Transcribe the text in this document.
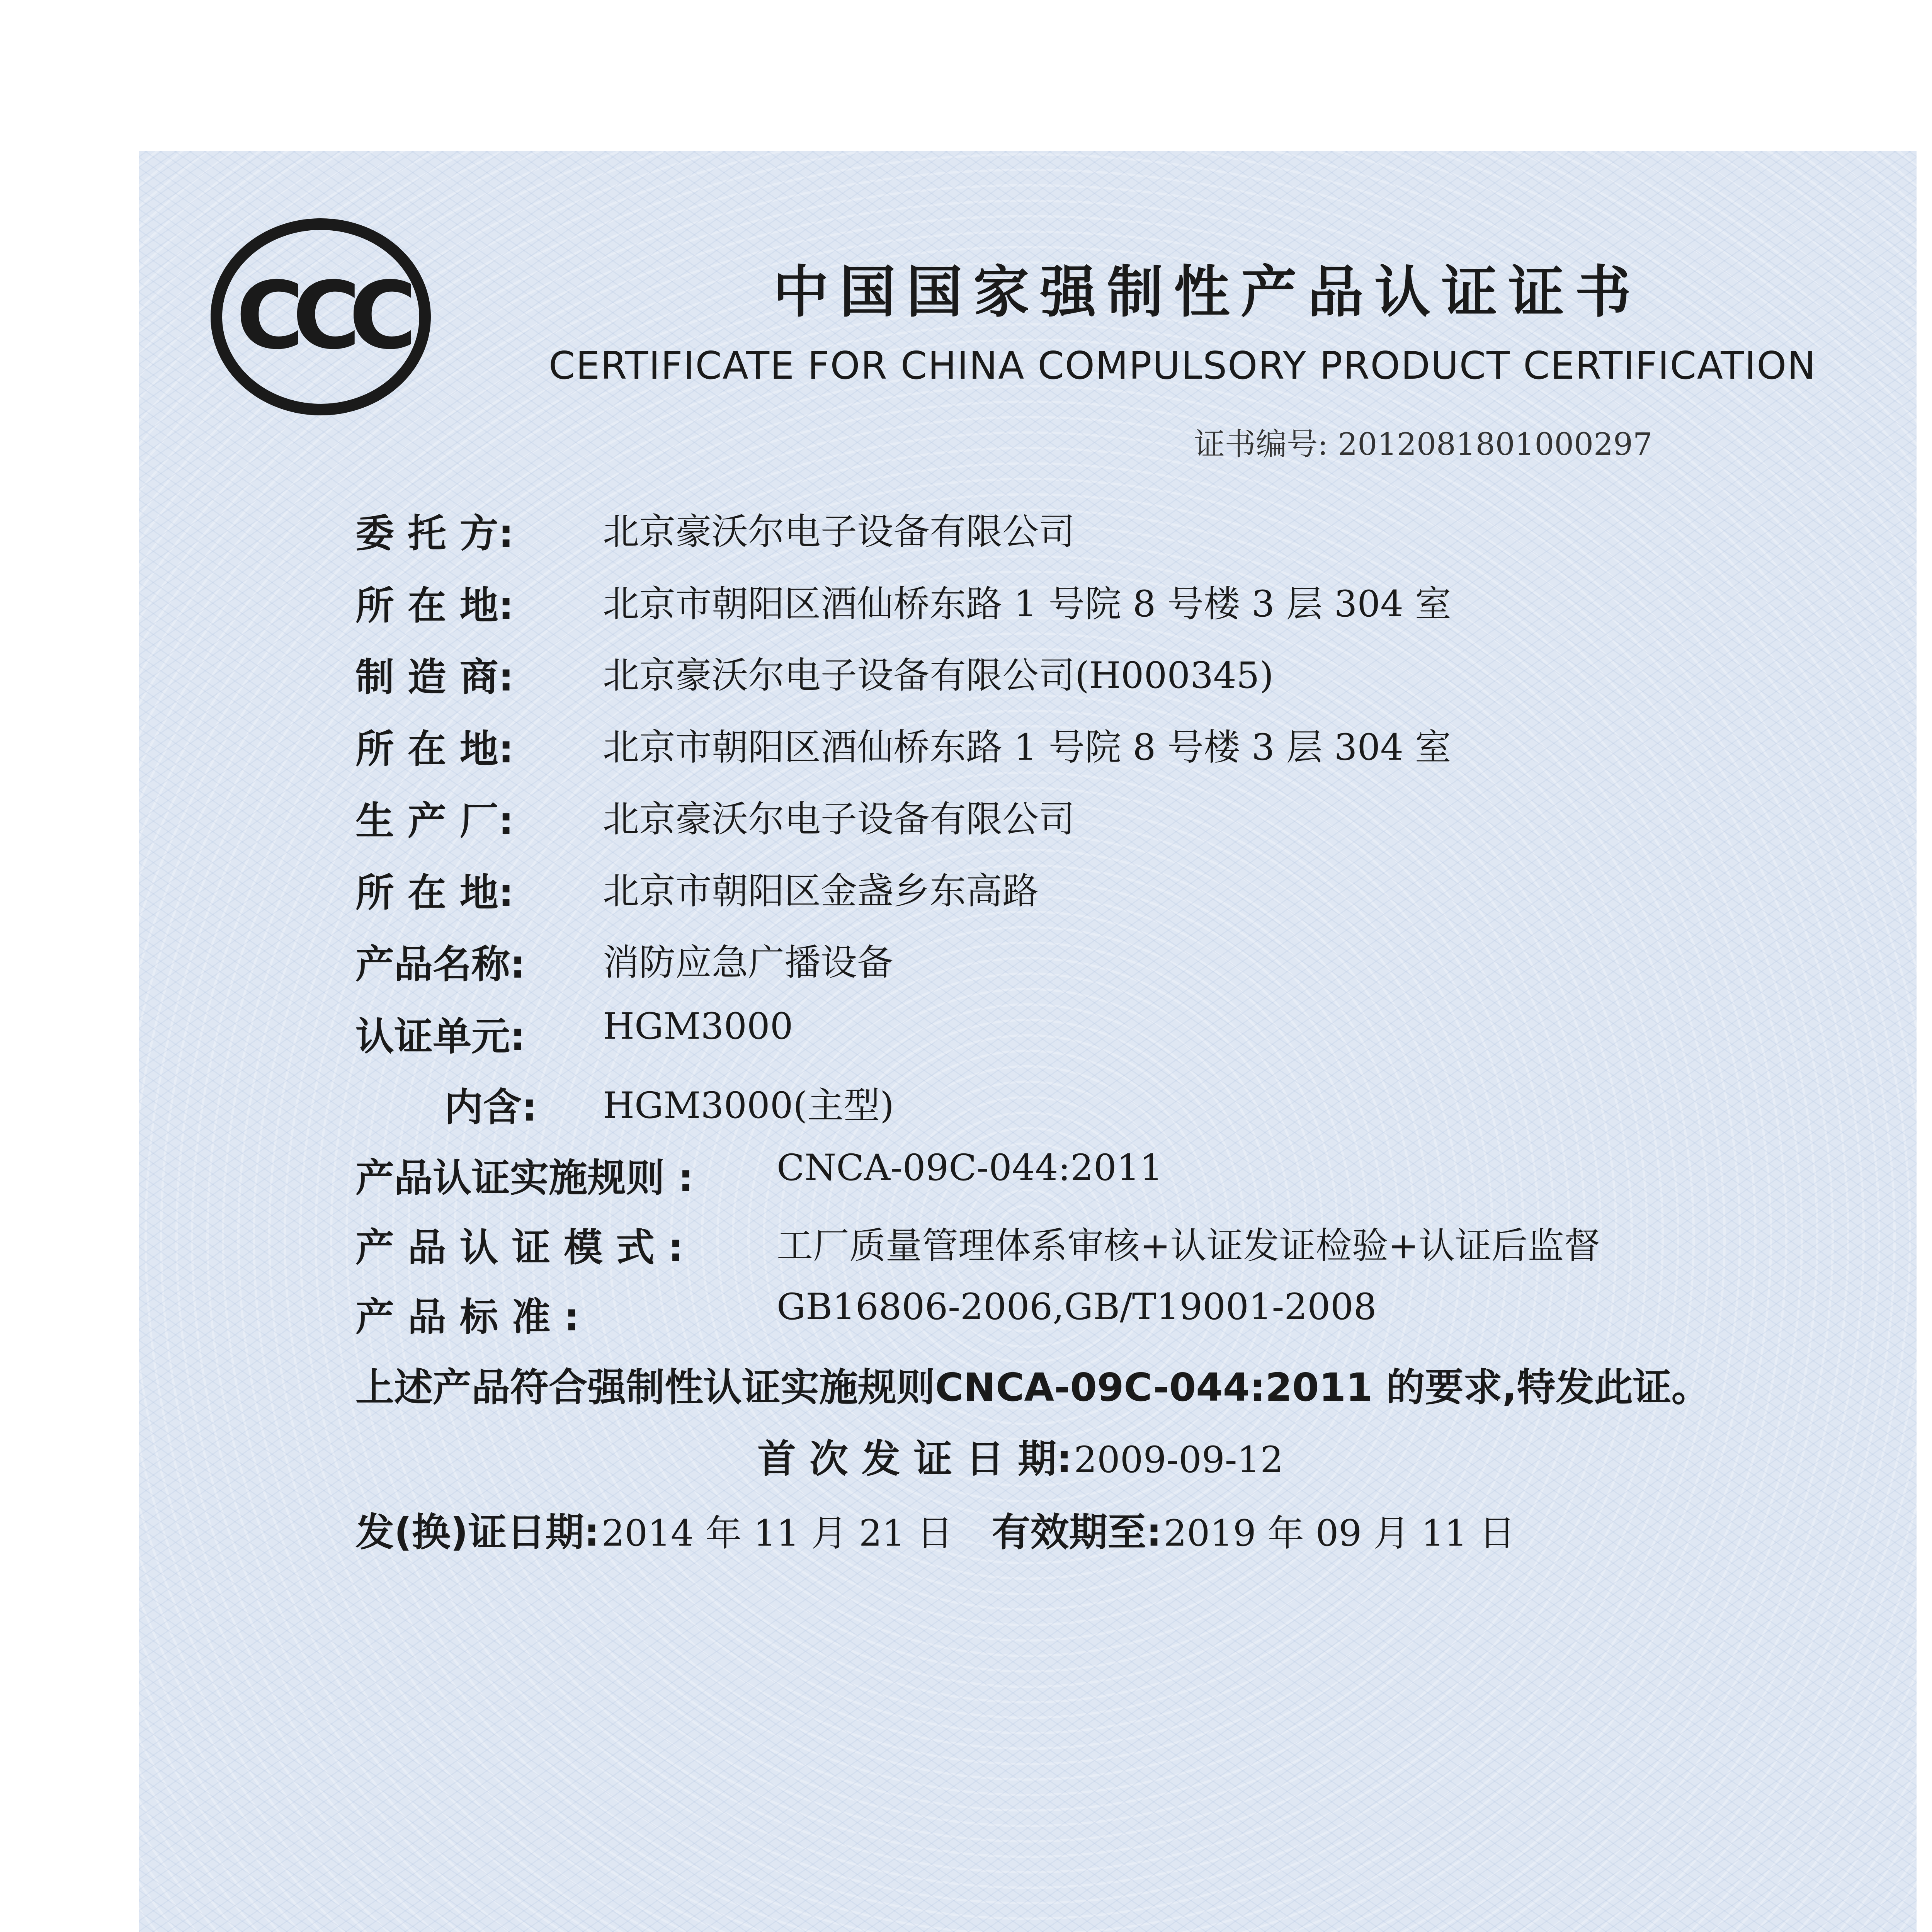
CCC	中国国家强制性产品认证证书
CERTIFICATE FOR CHINA COMPULSORY PRODUCT CERTIFICATION
证书编号: 2012081801000297
委 托 方: 北京豪沃尔电子设备有限公司
所 在 地: 北京市朝阳区酒仙桥东路 1 号院 8 号楼 3 层 304 室
制 造 商: 北京豪沃尔电子设备有限公司(H000345)
所 在 地: 北京市朝阳区酒仙桥东路 1 号院 8 号楼 3 层 304 室
生 产 厂: 北京豪沃尔电子设备有限公司
所 在 地: 北京市朝阳区金盏乡东高路
产品名称: 消防应急广播设备
认证单元: HGM3000
内含: HGM3000(主型)
产品认证实施规则 : CNCA-09C-044:2011
产 品 认 证 模 式 :	工厂质量管理体系审核+认证发证检验+认证后监督
产 品 标 准 :	GB16806-2006,GB/T19001-2008
上述产品符合强制性认证实施规则CNCA-09C-044:2011 的要求,特发此证。
首 次 发 证 日 期: 2009-09-12
发(换)证日期: 2014 年 11 月 21 日 有效期至: 2019 年 09 月 11 日
